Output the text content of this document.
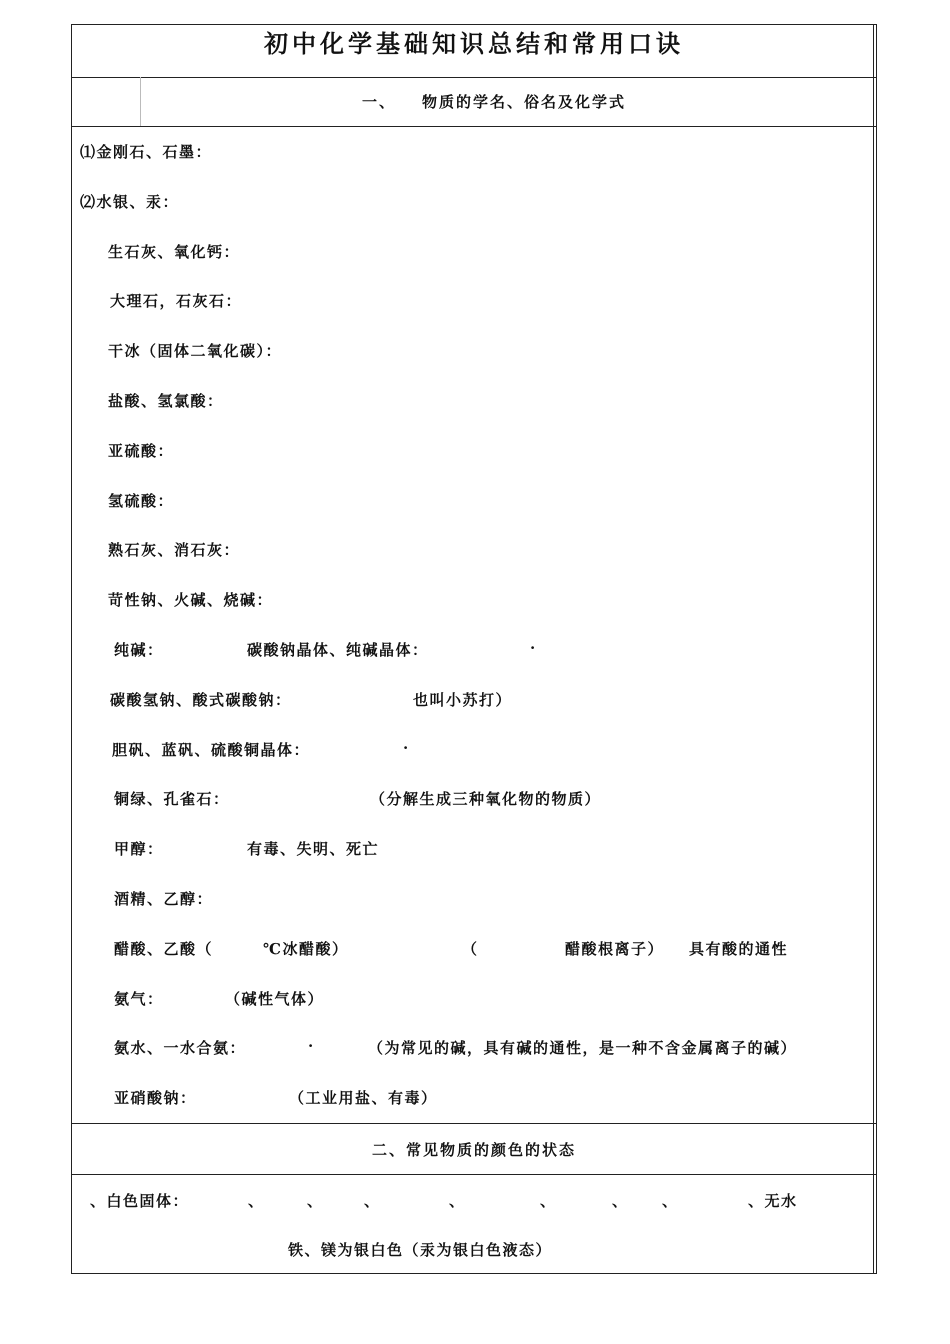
初中化学基础知识总结和常用口诀
一、 物质的学名、俗名及化学式
⑴金刚石、石墨：
⑵水银、汞：
生石灰、氧化钙：
大理石，石灰石：
干冰（固体二氧化碳）：
盐酸、氢氯酸：
亚硫酸：
氢硫酸：
熟石灰、消石灰：
苛性钠、火碱、烧碱：
纯碱：	碳酸钠晶体、纯碱晶体：	·
碳酸氢钠、酸式碳酸钠：	也叫小苏打）
胆矾、蓝矾、硫酸铜晶体：	·
铜绿、孔雀石：	（分解生成三种氧化物的物质）
甲醇：	有毒、失明、死亡
酒精、乙醇：
醋酸、乙酸（	℃冰醋酸）	（	醋酸根离子） 具有酸的通性
氨气：	（碱性气体）
氨水、一水合氨：	·	（为常见的碱，具有碱的通性，是一种不含金属离子的碱）
亚硝酸钠：	（工业用盐、有毒）
二、常见物质的颜色的状态
、白色固体：	、	、	、	、	、	、 、	、无水
铁、镁为银白色（汞为银白色液态）
